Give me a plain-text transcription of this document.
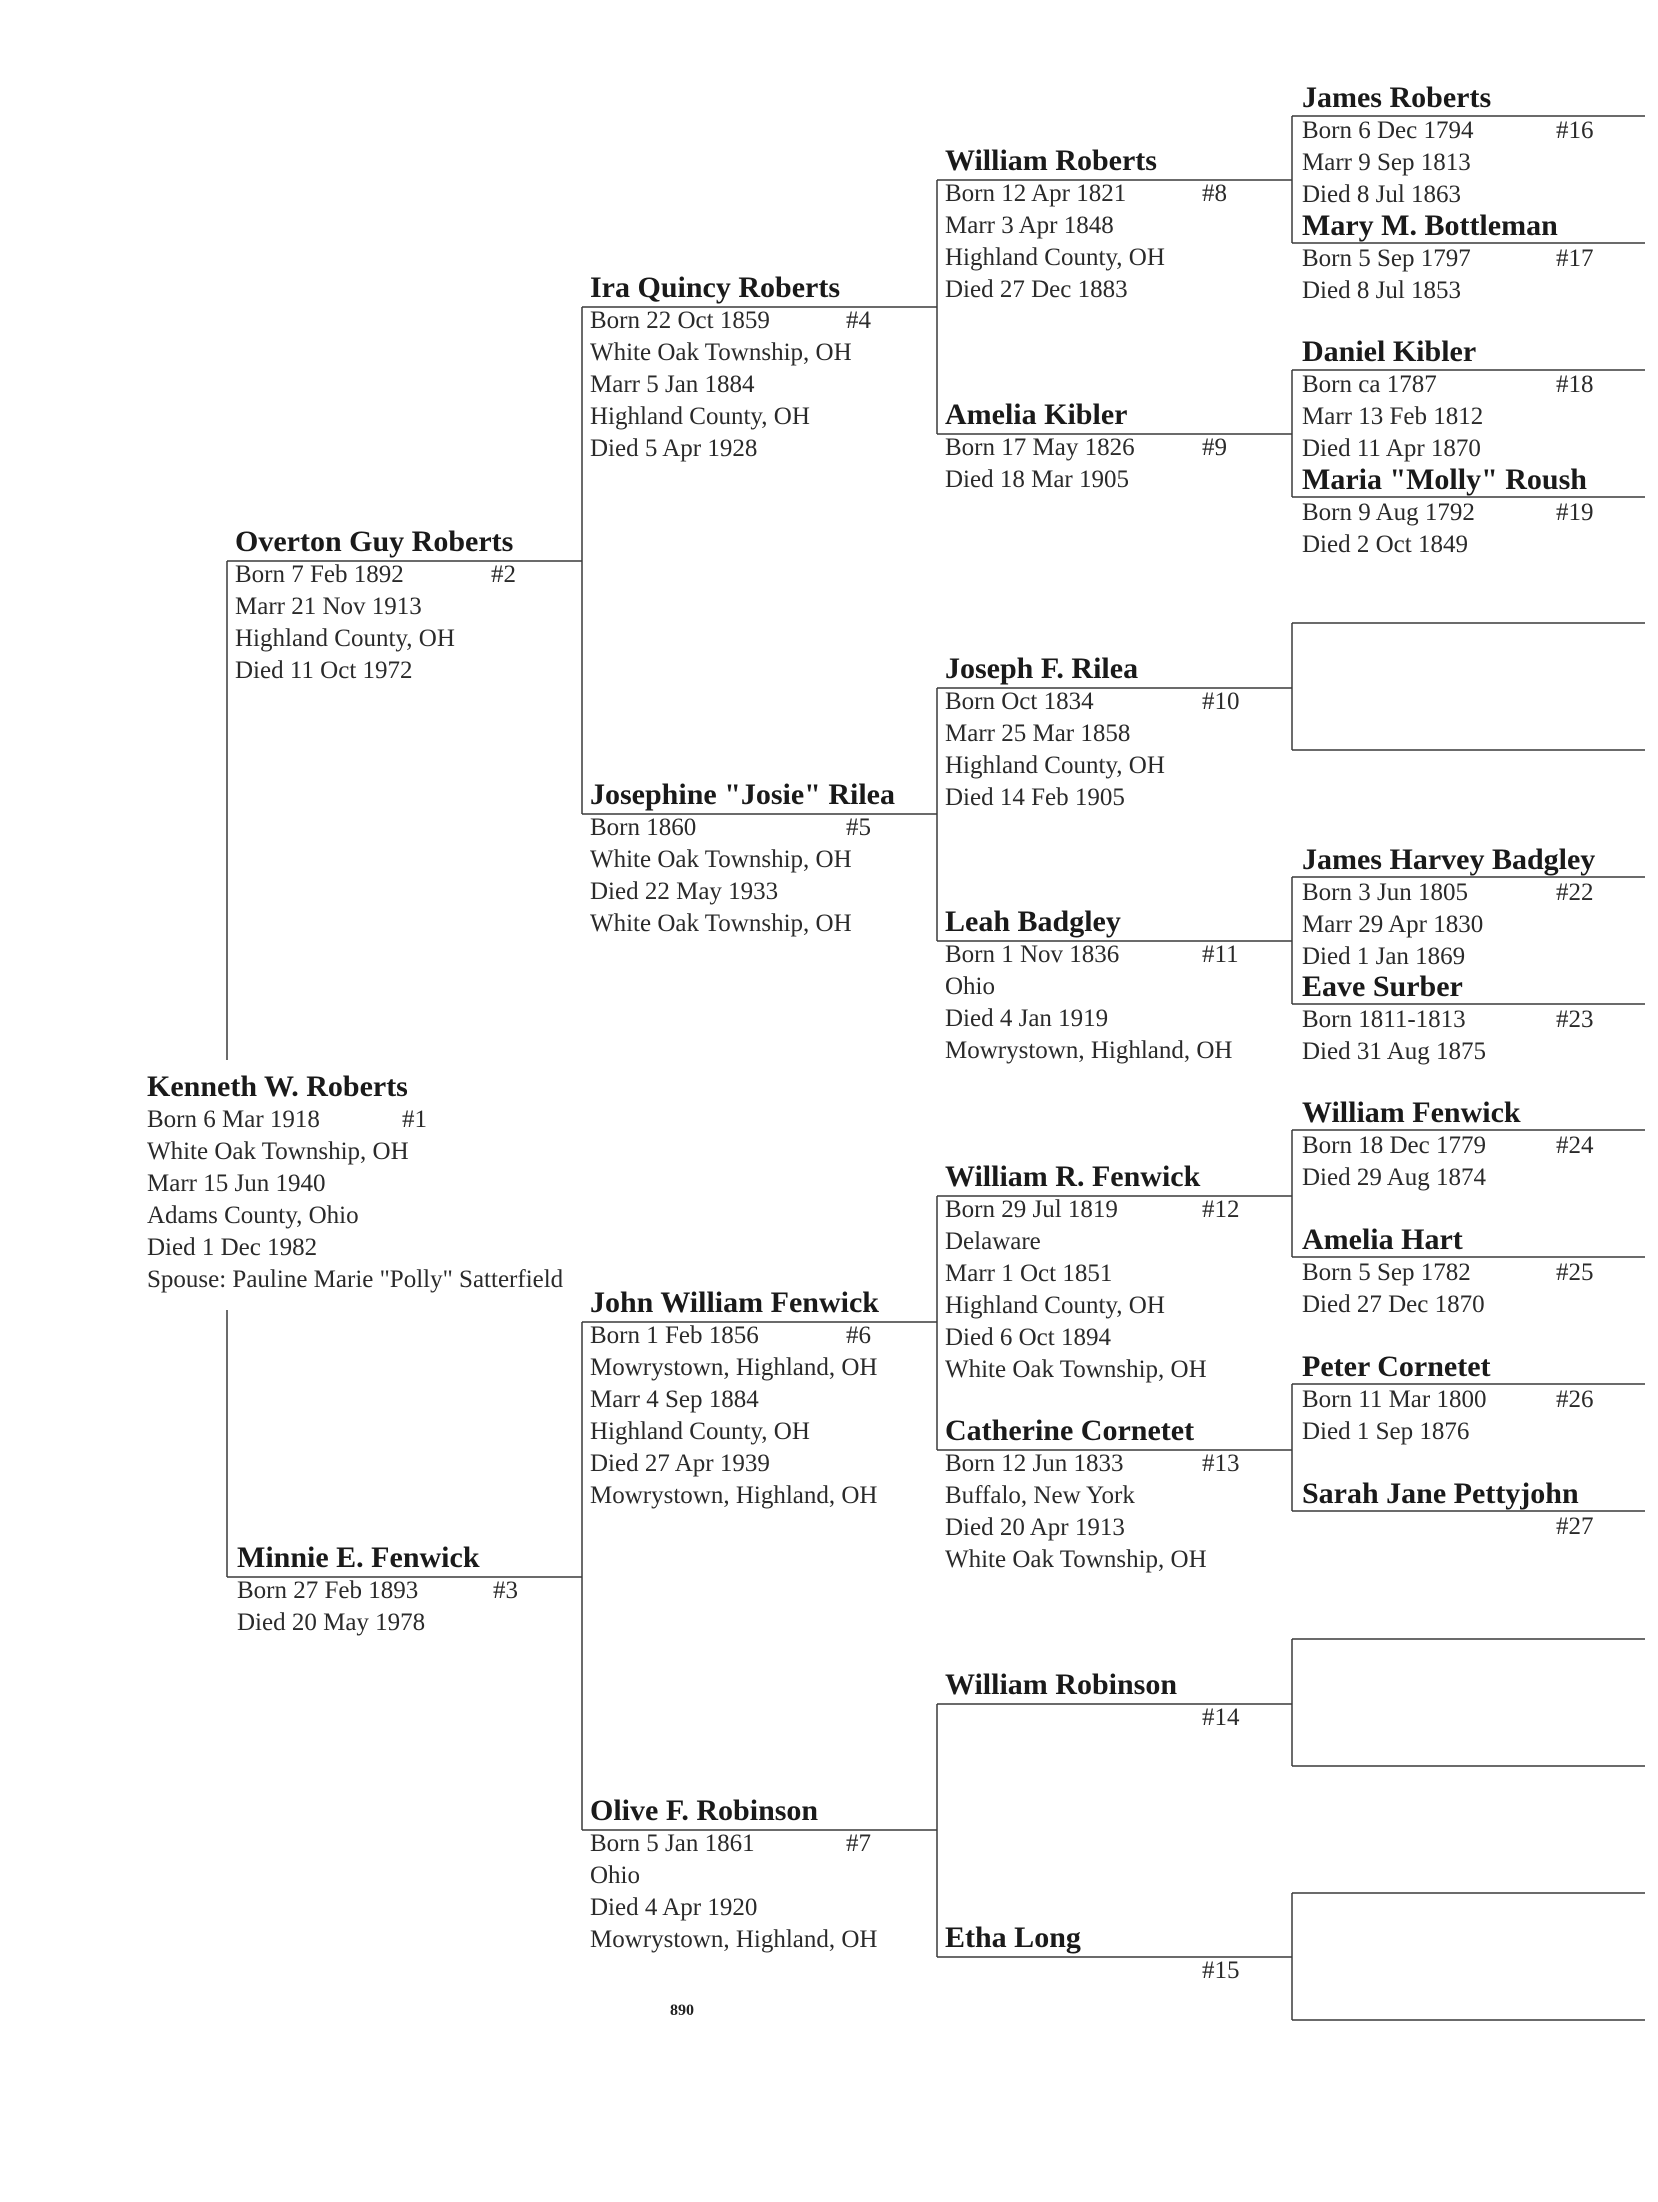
Kenneth W. Roberts
Born 6 Mar 1918
White Oak Township, OH
Marr 15 Jun 1940
Adams County, Ohio
Died 1 Dec 1982
Spouse: Pauline Marie "Polly" Satterfield
#1
Overton Guy Roberts
Born 7 Feb 1892
Marr 21 Nov 1913
Highland County, OH
Died 11 Oct 1972
#2
Minnie E. Fenwick
Born 27 Feb 1893
Died 20 May 1978
#3
Ira Quincy Roberts
Born 22 Oct 1859
White Oak Township, OH
Marr 5 Jan 1884
Highland County, OH
Died 5 Apr 1928
#4
Josephine "Josie" Rilea
Born 1860
White Oak Township, OH
Died 22 May 1933
White Oak Township, OH
#5
John William Fenwick
Born 1 Feb 1856
Mowrystown, Highland, OH
Marr 4 Sep 1884
Highland County, OH
Died 27 Apr 1939
Mowrystown, Highland, OH
#6
Olive F. Robinson
Born 5 Jan 1861
Ohio
Died 4 Apr 1920
Mowrystown, Highland, OH
#7
William Roberts
Born 12 Apr 1821
Marr 3 Apr 1848
Highland County, OH
Died 27 Dec 1883
#8
Amelia Kibler
Born 17 May 1826
Died 18 Mar 1905
#9
Joseph F. Rilea
Born Oct 1834
Marr 25 Mar 1858
Highland County, OH
Died 14 Feb 1905
#10
Leah Badgley
Born 1 Nov 1836
Ohio
Died 4 Jan 1919
Mowrystown, Highland, OH
#11
William R. Fenwick
Born 29 Jul 1819
Delaware
Marr 1 Oct 1851
Highland County, OH
Died 6 Oct 1894
White Oak Township, OH
#12
Catherine Cornetet
Born 12 Jun 1833
Buffalo, New York
Died 20 Apr 1913
White Oak Township, OH
#13
William Robinson
#14
Etha Long
#15
James Roberts
Born 6 Dec 1794
Marr 9 Sep 1813
Died 8 Jul 1863
#16
Mary M. Bottleman
Born 5 Sep 1797
Died 8 Jul 1853
#17
Daniel Kibler
Born ca 1787
Marr 13 Feb 1812
Died 11 Apr 1870
#18
Maria "Molly" Roush
Born 9 Aug 1792
Died 2 Oct 1849
#19
James Harvey Badgley
Born 3 Jun 1805
Marr 29 Apr 1830
Died 1 Jan 1869
#22
Eave Surber
Born 1811-1813
Died 31 Aug 1875
#23
William Fenwick
Born 18 Dec 1779
Died 29 Aug 1874
#24
Amelia Hart
Born 5 Sep 1782
Died 27 Dec 1870
#25
Peter Cornetet
Born 11 Mar 1800
Died 1 Sep 1876
#26
Sarah Jane Pettyjohn
#27
890
